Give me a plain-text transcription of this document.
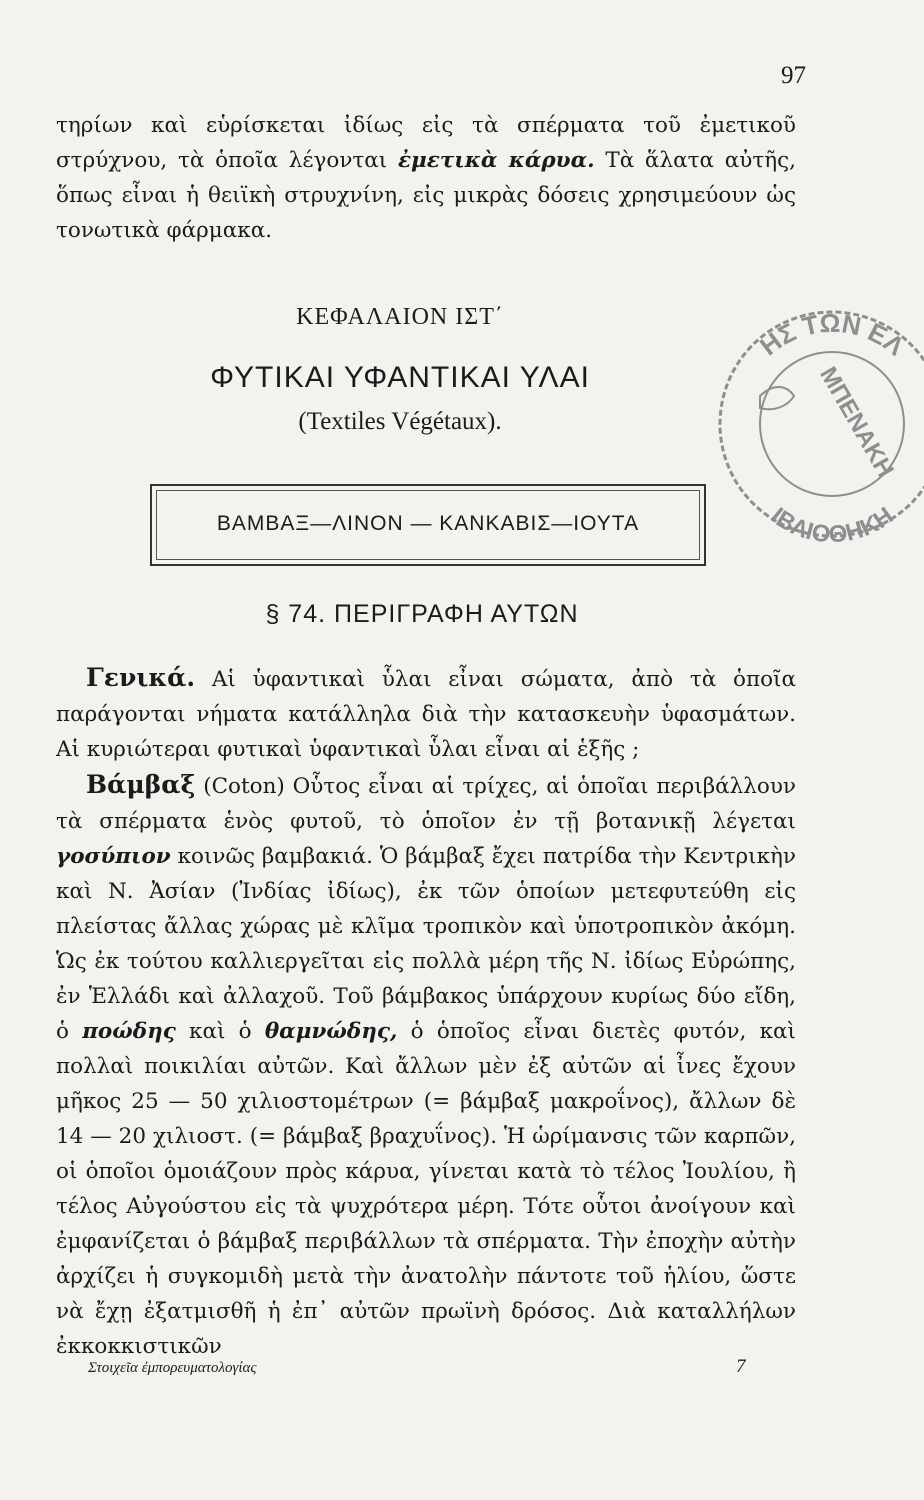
97

τηρίων καὶ εὑρίσκεται ἰδίως εἰς τὰ σπέρματα τοῦ ἐμετικοῦ στρύχνου, τὰ ὁποῖα λέγονται ἐμετικὰ κάρυα. Τὰ ἅλατα αὐτῆς, ὅπως εἶναι ἡ θειϊκὴ στρυχνίνη, εἰς μικρὰς δόσεις χρησιμεύουν ὡς τονωτικὰ φάρμακα.

ΚΕΦΑΛΑΙΟΝ ΙΣΤ΄
ΦΥΤΙΚΑΙ ΥΦΑΝΤΙΚΑΙ ΥΛΑΙ
(Textiles Végétaux).
ΒΑΜΒΑΞ—ΛΙΝΟΝ — ΚΑΝΚΑΒΙΣ—ΙΟΥΤΑ
§ 74. ΠΕΡΙΓΡΑΦΗ ΑΥΤΩΝ

Γενικά. Αἱ ὑφαντικαὶ ὗλαι εἶναι σώματα, ἀπὸ τὰ ὁποῖα παράγονται νήματα κατάλληλα διὰ τὴν κατασκευὴν ὑφασμάτων. Αἱ κυριώτεραι φυτικαὶ ὑφαντικαὶ ὗλαι εἶναι αἱ ἑξῆς ;

Βάμβαξ (Coton) Οὗτος εἶναι αἱ τρίχες, αἱ ὁποῖαι περιβάλλουν τὰ σπέρματα ἑνὸς φυτοῦ, τὸ ὁποῖον ἐν τῇ βοτανικῇ λέγεται γοσύπιον κοινῶς βαμβακιά. Ὁ βάμβαξ ἔχει πατρίδα τὴν Κεντρικὴν καὶ Ν. Ἀσίαν (Ἰνδίας ἰδίως), ἐκ τῶν ὁποίων μετεφυτεύθη εἰς πλείστας ἄλλας χώρας μὲ κλῖμα τροπικὸν καὶ ὑποτροπικὸν ἀκόμη. Ὡς ἐκ τούτου καλλιεργεῖται εἰς πολλὰ μέρη τῆς Ν. ἰδίως Εὐρώπης, ἐν Ἑλλάδι καὶ ἀλλαχοῦ. Τοῦ βάμβακος ὑπάρχουν κυρίως δύο εἴδη, ὁ ποώδης καὶ ὁ θαμνώδης, ὁ ὁποῖος εἶναι διετὲς φυτόν, καὶ πολλαὶ ποικιλίαι αὐτῶν. Καὶ ἄλλων μὲν ἐξ αὐτῶν αἱ ἶνες ἔχουν μῆκος 25 — 50 χιλιοστομέτρων (= βάμβαξ μακροΐνος), ἄλλων δὲ 14 — 20 χιλιοστ. (= βάμβαξ βραχυΐνος). Ἡ ὡρίμανσις τῶν καρπῶν, οἱ ὁποῖοι ὁμοιάζουν πρὸς κάρυα, γίνεται κατὰ τὸ τέλος Ἰουλίου, ἢ τέλος Αὐγούστου εἰς τὰ ψυχρότερα μέρη. Τότε οὗτοι ἀνοίγουν καὶ ἐμφανίζεται ὁ βάμβαξ περιβάλλων τὰ σπέρματα. Τὴν ἐποχὴν αὐτὴν ἀρχίζει ἡ συγκομιδὴ μετὰ τὴν ἀνατολὴν πάντοτε τοῦ ἡλίου, ὥστε νὰ ἔχῃ ἐξατμισθῆ ἡ ἐπ᾽ αὐτῶν πρωϊνὴ δρόσος. Διὰ καταλλήλων ἐκκοκκιστικῶν

Στοιχεῖα ἐμπορευματολογίας	7
ΗΣ ΤΩΝ ΕΛ
ΙΒΛΙΟΘΗΚΗ
ΜΠΕΝΑΚΗ
